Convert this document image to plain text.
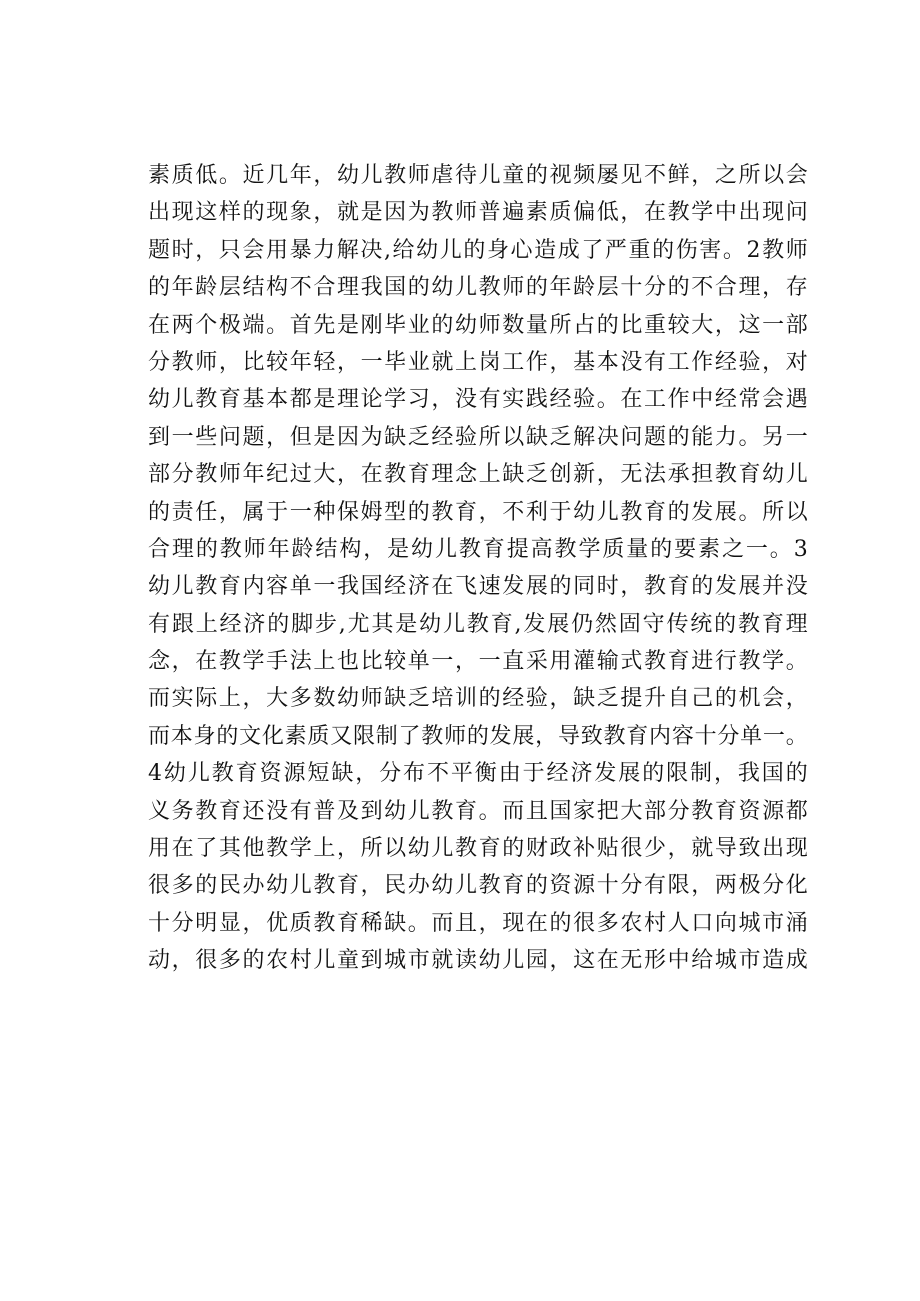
素质低。近几年，幼儿教师虐待儿童的视频屡见不鲜，之所以会
出现这样的现象，就是因为教师普遍素质偏低，在教学中出现问
题时，只会用暴力解决,给幼儿的身心造成了严重的伤害。2教师
的年龄层结构不合理我国的幼儿教师的年龄层十分的不合理，存
在两个极端。首先是刚毕业的幼师数量所占的比重较大，这一部
分教师，比较年轻，一毕业就上岗工作，基本没有工作经验，对
幼儿教育基本都是理论学习，没有实践经验。在工作中经常会遇
到一些问题，但是因为缺乏经验所以缺乏解决问题的能力。另一
部分教师年纪过大，在教育理念上缺乏创新，无法承担教育幼儿
的责任，属于一种保姆型的教育，不利于幼儿教育的发展。所以
合理的教师年龄结构，是幼儿教育提高教学质量的要素之一。3
幼儿教育内容单一我国经济在飞速发展的同时，教育的发展并没
有跟上经济的脚步,尤其是幼儿教育,发展仍然固守传统的教育理
念，在教学手法上也比较单一，一直采用灌输式教育进行教学。
而实际上，大多数幼师缺乏培训的经验，缺乏提升自己的机会，
而本身的文化素质又限制了教师的发展，导致教育内容十分单一。
4幼儿教育资源短缺，分布不平衡由于经济发展的限制，我国的
义务教育还没有普及到幼儿教育。而且国家把大部分教育资源都
用在了其他教学上，所以幼儿教育的财政补贴很少，就导致出现
很多的民办幼儿教育，民办幼儿教育的资源十分有限，两极分化
十分明显，优质教育稀缺。而且，现在的很多农村人口向城市涌
动，很多的农村儿童到城市就读幼儿园，这在无形中给城市造成
